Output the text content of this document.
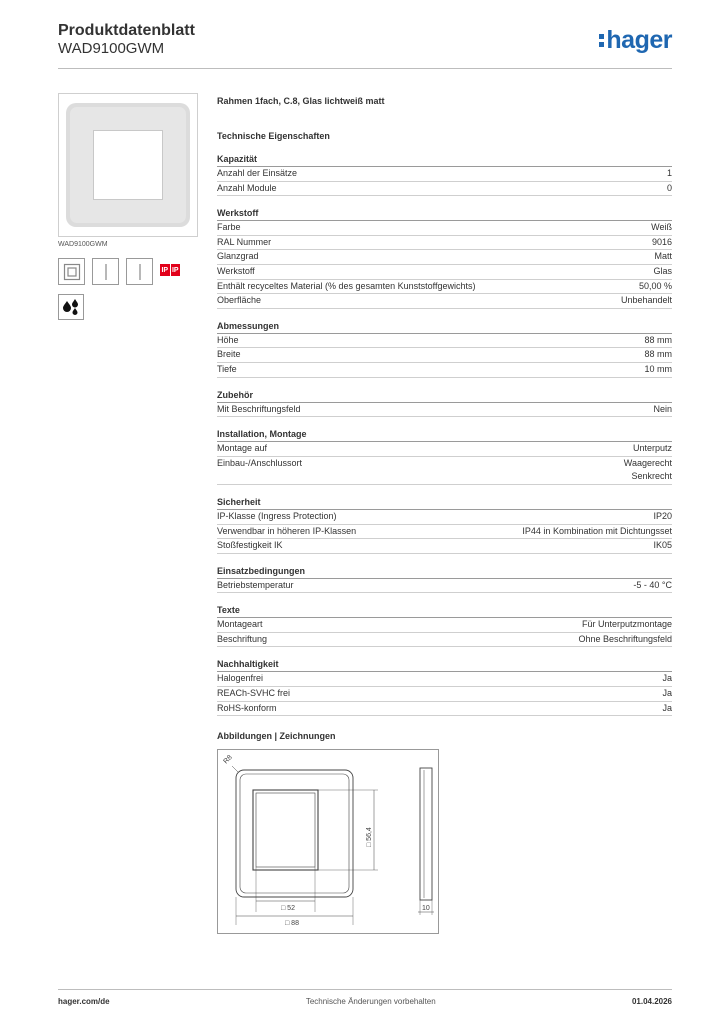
Produktdatenblatt
WAD9100GWM	hager
WAD9100GWM
IP IP
Rahmen 1fach, C.8, Glas lichtweiß matt
Technische Eigenschaften
Kapazität
Anzahl der Einsätze	1
Anzahl Module	0
Werkstoff
Farbe	Weiß
RAL Nummer	9016
Glanzgrad	Matt
Werkstoff	Glas
Enthält recyceltes Material (% des gesamten Kunststoffgewichts)	50,00 %
Oberfläche	Unbehandelt
Abmessungen
Höhe	88 mm
Breite	88 mm
Tiefe	10 mm
Zubehör
Mit Beschriftungsfeld	Nein
Installation, Montage
Montage auf	Unterputz
Einbau-/Anschlussort	Waagerecht
Senkrecht
Sicherheit
IP-Klasse (Ingress Protection)	IP20
Verwendbar in höheren IP-Klassen	IP44 in Kombination mit Dichtungsset
Stoßfestigkeit IK	IK05
Einsatzbedingungen
Betriebstemperatur	-5 - 40 °C
Texte
Montageart	Für Unterputzmontage
Beschriftung	Ohne Beschriftungsfeld
Nachhaltigkeit
Halogenfrei	Ja
REACh-SVHC frei	Ja
RoHS-konform	Ja
Abbildungen | Zeichnungen
R8
□ 56,4
□ 52
□ 88
10
hager.com/de	Technische Änderungen vorbehalten	01.04.2026
